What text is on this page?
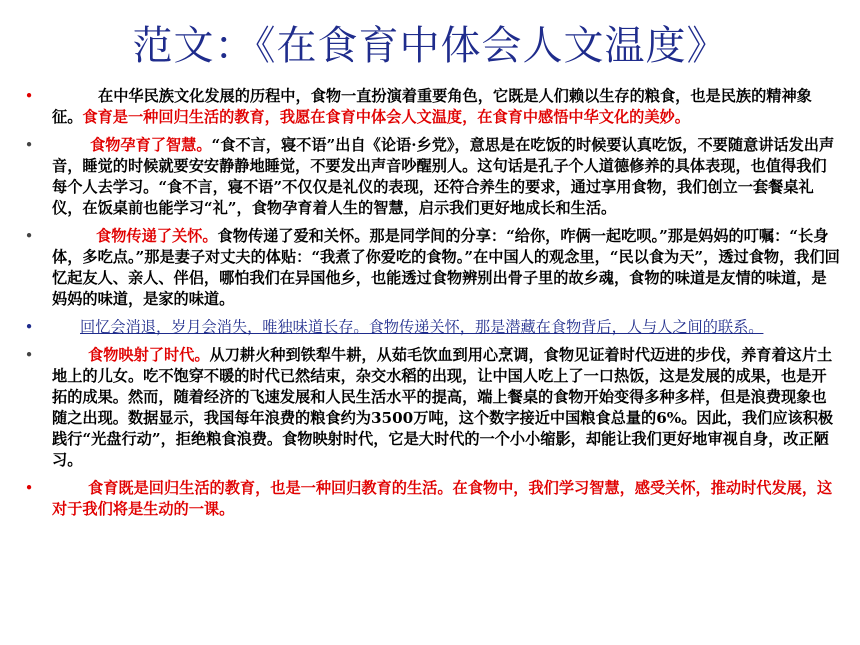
范文：《在食育中体会人文温度》
•	在中华民族文化发展的历程中，食物一直扮演着重要角色，它既是人们赖以生存的粮食，也是民族的精神象征。食育是一种回归生活的教育，我愿在食育中体会人文温度，在食育中感悟中华文化的美妙。
•	食物孕育了智慧。“食不言，寝不语”出自《论语·乡党》，意思是在吃饭的时候要认真吃饭，不要随意讲话发出声音，睡觉的时候就要安安静静地睡觉，不要发出声音吵醒别人。这句话是孔子个人道德修养的具体表现，也值得我们每个人去学习。“食不言，寝不语”不仅仅是礼仪的表现，还符合养生的要求，通过享用食物，我们创立一套餐桌礼仪，在饭桌前也能学习“礼”，食物孕育着人生的智慧，启示我们更好地成长和生活。
•	食物传递了关怀。食物传递了爱和关怀。那是同学间的分享：“给你，咋俩一起吃呗。”那是妈妈的叮嘱：“长身体，多吃点。”那是妻子对丈夫的体贴：“我煮了你爱吃的食物。”在中国人的观念里，“民以食为天”，透过食物，我们回忆起友人、亲人、伴侣，哪怕我们在异国他乡，也能透过食物辨别出骨子里的故乡魂，食物的味道是友情的味道，是妈妈的味道，是家的味道。
•	回忆会消退，岁月会消失，唯独味道长存。食物传递关怀，那是潜藏在食物背后，人与人之间的联系。
•	食物映射了时代。从刀耕火种到铁犁牛耕，从茹毛饮血到用心烹调，食物见证着时代迈进的步伐，养育着这片土地上的儿女。吃不饱穿不暖的时代已然结束，杂交水稻的出现，让中国人吃上了一口热饭，这是发展的成果，也是开拓的成果。然而，随着经济的飞速发展和人民生活水平的提高，端上餐桌的食物开始变得多种多样，但是浪费现象也随之出现。数据显示，我国每年浪费的粮食约为3500万吨，这个数字接近中国粮食总量的6%。因此，我们应该积极践行“光盘行动”，拒绝粮食浪费。食物映射时代，它是大时代的一个小小缩影，却能让我们更好地审视自身，改正陋习。
•	食育既是回归生活的教育，也是一种回归教育的生活。在食物中，我们学习智慧，感受关怀，推动时代发展，这对于我们将是生动的一课。
